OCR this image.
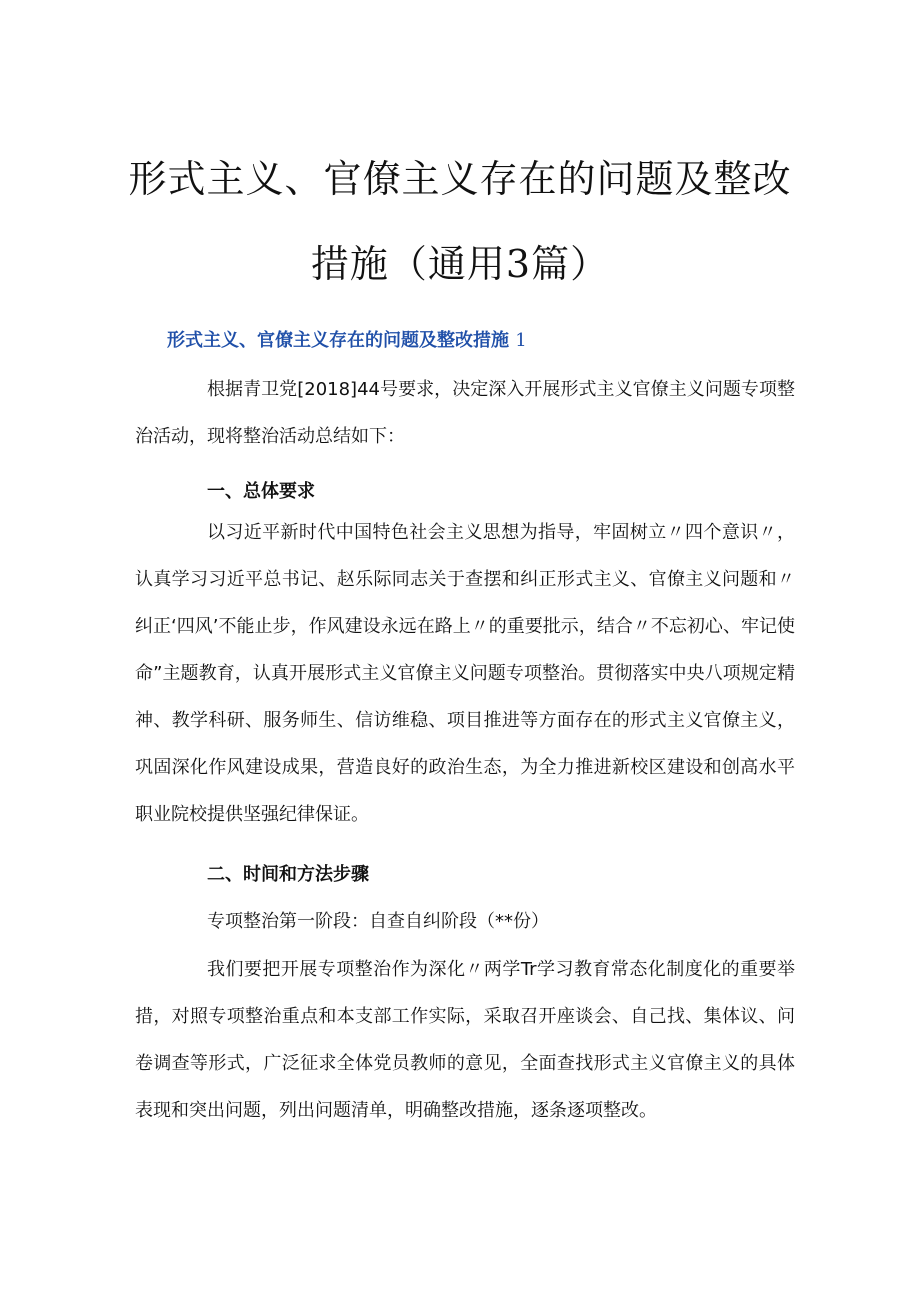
形式主义、官僚主义存在的问题及整改
措施（通用3篇）
形式主义、官僚主义存在的问题及整改措施 1

根据青卫党[2018]44号要求，决定深入开展形式主义官僚主义问题专项整治活动，现将整治活动总结如下：

一、总体要求

以习近平新时代中国特色社会主义思想为指导，牢固树立〃四个意识〃，认真学习习近平总书记、赵乐际同志关于查摆和纠正形式主义、官僚主义问题和〃纠正‘四风’不能止步，作风建设永远在路上〃的重要批示，结合〃不忘初心、牢记使命”主题教育，认真开展形式主义官僚主义问题专项整治。贯彻落实中央八项规定精神、教学科研、服务师生、信访维稳、项目推进等方面存在的形式主义官僚主义，巩固深化作风建设成果，营造良好的政治生态，为全力推进新校区建设和创高水平职业院校提供坚强纪律保证。

二、时间和方法步骤
专项整治第一阶段：自查自纠阶段（**份）

我们要把开展专项整治作为深化〃两学Tr学习教育常态化制度化的重要举措，对照专项整治重点和本支部工作实际，采取召开座谈会、自己找、集体议、问卷调查等形式，广泛征求全体党员教师的意见，全面查找形式主义官僚主义的具体表现和突出问题，列出问题清单，明确整改措施，逐条逐项整改。
